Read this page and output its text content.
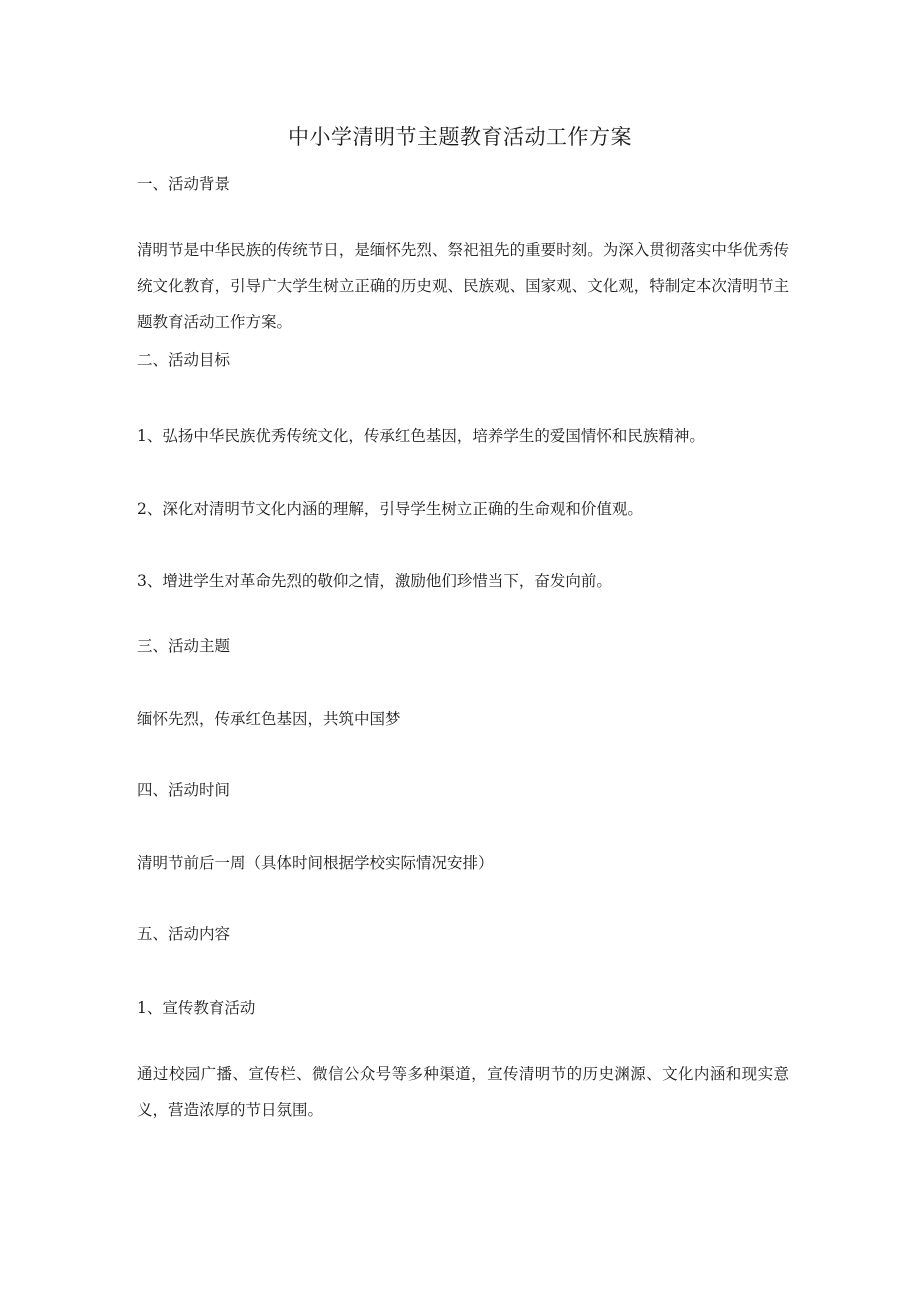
中小学清明节主题教育活动工作方案
一、活动背景
清明节是中华民族的传统节日，是缅怀先烈、祭祀祖先的重要时刻。为深入贯彻落实中华优秀传统文化教育，引导广大学生树立正确的历史观、民族观、国家观、文化观，特制定本次清明节主题教育活动工作方案。
二、活动目标
1、弘扬中华民族优秀传统文化，传承红色基因，培养学生的爱国情怀和民族精神。
2、深化对清明节文化内涵的理解，引导学生树立正确的生命观和价值观。
3、增进学生对革命先烈的敬仰之情，激励他们珍惜当下，奋发向前。
三、活动主题
缅怀先烈，传承红色基因，共筑中国梦
四、活动时间
清明节前后一周（具体时间根据学校实际情况安排）
五、活动内容
1、宣传教育活动
通过校园广播、宣传栏、微信公众号等多种渠道，宣传清明节的历史渊源、文化内涵和现实意义，营造浓厚的节日氛围。
